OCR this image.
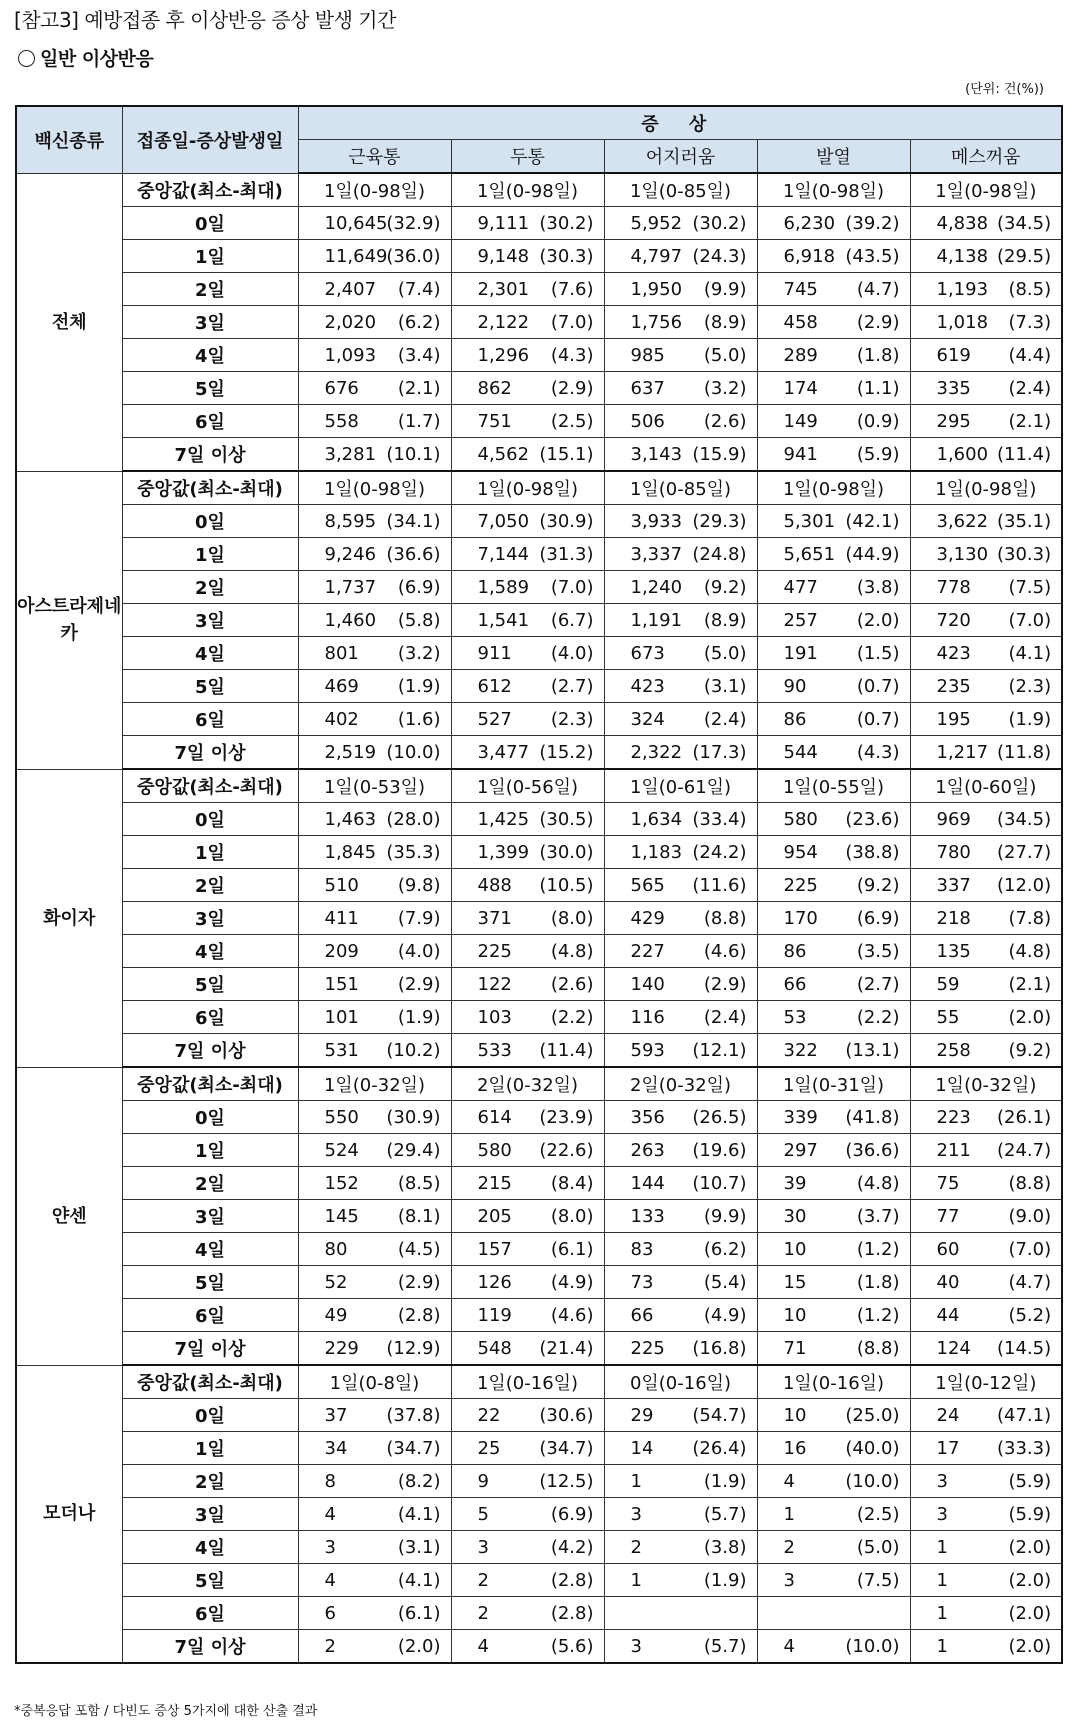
[참고3] 예방접종 후 이상반응 증상 발생 기간
일반 이상반응
(단위: 건(%))
백신종류	접종일-증상발생일	증 상									
		근육통		두통		어지러움		발열		메스꺼움	
전체	중앙값(최소-최대)	1일(0-98일)		1일(0-98일)		1일(0-85일)		1일(0-98일)		1일(0-98일)	
	0일	10,645	(32.9)	9,111	(30.2)	5,952	(30.2)	6,230	(39.2)	4,838	(34.5)
	1일	11,649	(36.0)	9,148	(30.3)	4,797	(24.3)	6,918	(43.5)	4,138	(29.5)
	2일	2,407	(7.4)	2,301	(7.6)	1,950	(9.9)	745	(4.7)	1,193	(8.5)
	3일	2,020	(6.2)	2,122	(7.0)	1,756	(8.9)	458	(2.9)	1,018	(7.3)
	4일	1,093	(3.4)	1,296	(4.3)	985	(5.0)	289	(1.8)	619	(4.4)
	5일	676	(2.1)	862	(2.9)	637	(3.2)	174	(1.1)	335	(2.4)
	6일	558	(1.7)	751	(2.5)	506	(2.6)	149	(0.9)	295	(2.1)
	7일 이상	3,281	(10.1)	4,562	(15.1)	3,143	(15.9)	941	(5.9)	1,600	(11.4)
아스트라제네카	중앙값(최소-최대)	1일(0-98일)		1일(0-98일)		1일(0-85일)		1일(0-98일)		1일(0-98일)	
	0일	8,595	(34.1)	7,050	(30.9)	3,933	(29.3)	5,301	(42.1)	3,622	(35.1)
	1일	9,246	(36.6)	7,144	(31.3)	3,337	(24.8)	5,651	(44.9)	3,130	(30.3)
	2일	1,737	(6.9)	1,589	(7.0)	1,240	(9.2)	477	(3.8)	778	(7.5)
	3일	1,460	(5.8)	1,541	(6.7)	1,191	(8.9)	257	(2.0)	720	(7.0)
	4일	801	(3.2)	911	(4.0)	673	(5.0)	191	(1.5)	423	(4.1)
	5일	469	(1.9)	612	(2.7)	423	(3.1)	90	(0.7)	235	(2.3)
	6일	402	(1.6)	527	(2.3)	324	(2.4)	86	(0.7)	195	(1.9)
	7일 이상	2,519	(10.0)	3,477	(15.2)	2,322	(17.3)	544	(4.3)	1,217	(11.8)
화이자	중앙값(최소-최대)	1일(0-53일)		1일(0-56일)		1일(0-61일)		1일(0-55일)		1일(0-60일)	
	0일	1,463	(28.0)	1,425	(30.5)	1,634	(33.4)	580	(23.6)	969	(34.5)
	1일	1,845	(35.3)	1,399	(30.0)	1,183	(24.2)	954	(38.8)	780	(27.7)
	2일	510	(9.8)	488	(10.5)	565	(11.6)	225	(9.2)	337	(12.0)
	3일	411	(7.9)	371	(8.0)	429	(8.8)	170	(6.9)	218	(7.8)
	4일	209	(4.0)	225	(4.8)	227	(4.6)	86	(3.5)	135	(4.8)
	5일	151	(2.9)	122	(2.6)	140	(2.9)	66	(2.7)	59	(2.1)
	6일	101	(1.9)	103	(2.2)	116	(2.4)	53	(2.2)	55	(2.0)
	7일 이상	531	(10.2)	533	(11.4)	593	(12.1)	322	(13.1)	258	(9.2)
얀센	중앙값(최소-최대)	1일(0-32일)		2일(0-32일)		2일(0-32일)		1일(0-31일)		1일(0-32일)	
	0일	550	(30.9)	614	(23.9)	356	(26.5)	339	(41.8)	223	(26.1)
	1일	524	(29.4)	580	(22.6)	263	(19.6)	297	(36.6)	211	(24.7)
	2일	152	(8.5)	215	(8.4)	144	(10.7)	39	(4.8)	75	(8.8)
	3일	145	(8.1)	205	(8.0)	133	(9.9)	30	(3.7)	77	(9.0)
	4일	80	(4.5)	157	(6.1)	83	(6.2)	10	(1.2)	60	(7.0)
	5일	52	(2.9)	126	(4.9)	73	(5.4)	15	(1.8)	40	(4.7)
	6일	49	(2.8)	119	(4.6)	66	(4.9)	10	(1.2)	44	(5.2)
	7일 이상	229	(12.9)	548	(21.4)	225	(16.8)	71	(8.8)	124	(14.5)
모더나	중앙값(최소-최대)	1일(0-8일)		1일(0-16일)		0일(0-16일)		1일(0-16일)		1일(0-12일)	
	0일	37	(37.8)	22	(30.6)	29	(54.7)	10	(25.0)	24	(47.1)
	1일	34	(34.7)	25	(34.7)	14	(26.4)	16	(40.0)	17	(33.3)
	2일	8	(8.2)	9	(12.5)	1	(1.9)	4	(10.0)	3	(5.9)
	3일	4	(4.1)	5	(6.9)	3	(5.7)	1	(2.5)	3	(5.9)
	4일	3	(3.1)	3	(4.2)	2	(3.8)	2	(5.0)	1	(2.0)
	5일	4	(4.1)	2	(2.8)	1	(1.9)	3	(7.5)	1	(2.0)
	6일	6	(6.1)	2	(2.8)					1	(2.0)
	7일 이상	2	(2.0)	4	(5.6)	3	(5.7)	4	(10.0)	1	(2.0)
*중복응답 포함 / 다빈도 증상 5가지에 대한 산출 결과
